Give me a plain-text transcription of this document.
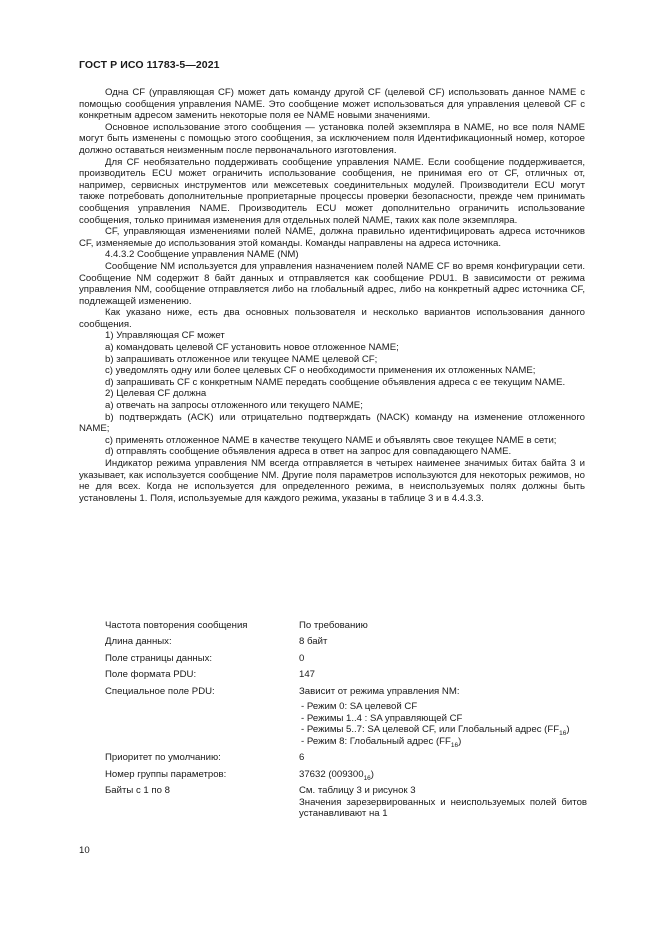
ГОСТ Р ИСО 11783-5—2021

Одна CF (управляющая CF) может дать команду другой CF (целевой CF) использовать данное NAME с помощью сообщения управления NAME. Это сообщение может использоваться для управления целевой CF с конкретным адресом заменить некоторые поля ее NAME новыми значениями.

Основное использование этого сообщения — установка полей экземпляра в NAME, но все поля NAME могут быть изменены с помощью этого сообщения, за исключением поля Идентификационный номер, которое должно оставаться неизменным после первоначального изготовления.

Для CF необязательно поддерживать сообщение управления NAME. Если сообщение поддерживается, производитель ECU может ограничить использование сообщения, не принимая его от CF, отличных от, например, сервисных инструментов или межсетевых соединительных модулей. Производители ECU могут также потребовать дополнительные проприетарные процессы проверки безопасности, прежде чем принимать сообщения управления NAME. Производитель ECU может дополнительно ограничить использование сообщения, только принимая изменения для отдельных полей NAME, таких как поле экземпляра.

CF, управляющая изменениями полей NAME, должна правильно идентифицировать адреса источников CF, изменяемые до использования этой команды. Команды направлены на адреса источника.

4.4.3.2 Сообщение управления NAME (NM)

Сообщение NM используется для управления назначением полей NAME CF во время конфигурации сети. Сообщение NM содержит 8 байт данных и отправляется как сообщение PDU1. В зависимости от режима управления NM, сообщение отправляется либо на глобальный адрес, либо на конкретный адрес источника CF, подлежащей изменению.

Как указано ниже, есть два основных пользователя и несколько вариантов использования данного сообщения.

1) Управляющая CF может

a) командовать целевой CF установить новое отложенное NAME;

b) запрашивать отложенное или текущее NAME целевой CF;

c) уведомлять одну или более целевых CF о необходимости применения их отложенных NAME;

d) запрашивать CF с конкретным NAME передать сообщение объявления адреса с ее текущим NAME.

2) Целевая CF должна

a) отвечать на запросы отложенного или текущего NAME;

b) подтверждать (ACK) или отрицательно подтверждать (NACK) команду на изменение отложенного NAME;

c) применять отложенное NAME в качестве текущего NAME и объявлять свое текущее NAME в сети;

d) отправлять сообщение объявления адреса в ответ на запрос для совпадающего NAME.

Индикатор режима управления NM всегда отправляется в четырех наименее значимых битах байта 3 и указывает, как используется сообщение NM. Другие поля параметров используются для некоторых режимов, но не для всех. Когда не используется для определенного режима, в неиспользуемых полях должны быть установлены 1. Поля, используемые для каждого режима, указаны в таблице 3 и в 4.4.3.3.

Частота повторения сообщения	По требованию
Длина данных:	8 байт
Поле страницы данных:	0
Поле формата PDU:	147
Специальное поле PDU:	Зависит от режима управления NM:
- Режим 0: SA целевой CF
- Режимы 1..4 : SA управляющей CF
- Режимы 5..7: SA целевой CF, или Глобальный адрес $(FF_{16})$
- Режим 8: Глобальный адрес $(FF_{16})$
Приоритет по умолчанию:	6
Номер группы параметров:	37632 $(009300_{16})$
Байты с 1 по 8	См. таблицу 3 и рисунок 3

Значения зарезервированных и неиспользуемых полей битов устанавливают на 1

10
